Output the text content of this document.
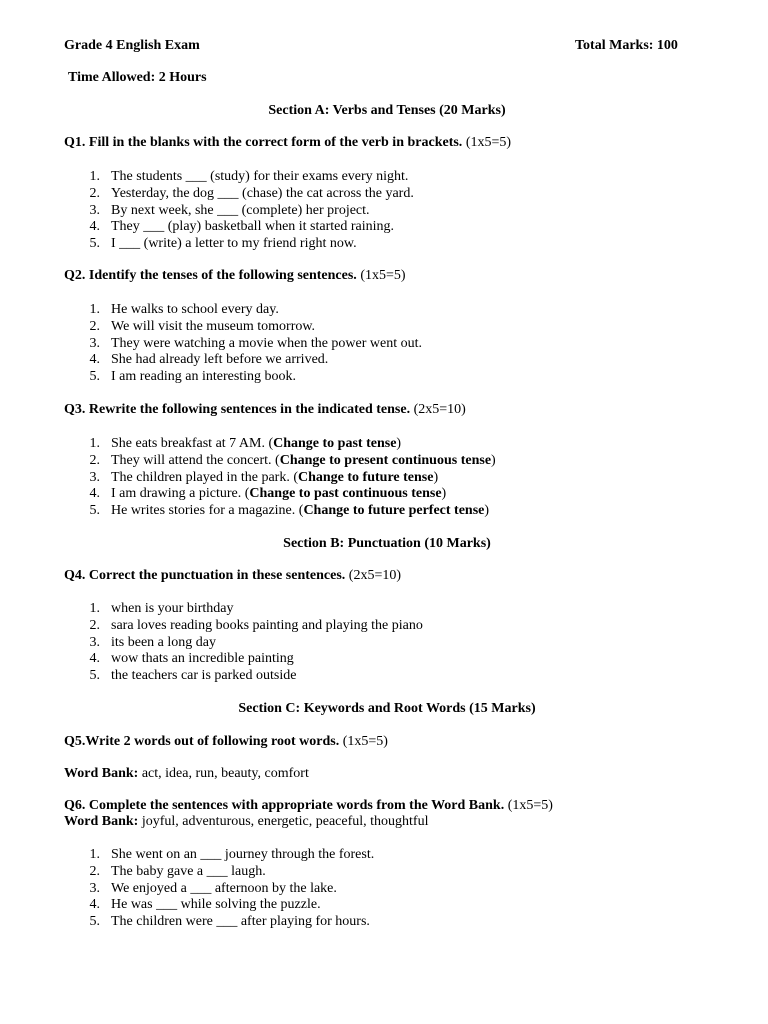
Grade 4 English Exam	Total Marks: 100
Time Allowed: 2 Hours
Section A: Verbs and Tenses (20 Marks)
Q1. Fill in the blanks with the correct form of the verb in brackets. (1x5=5)
1. The students ___ (study) for their exams every night.
2. Yesterday, the dog ___ (chase) the cat across the yard.
3. By next week, she ___ (complete) her project.
4. They ___ (play) basketball when it started raining.
5. I ___ (write) a letter to my friend right now.
Q2. Identify the tenses of the following sentences. (1x5=5)
1. He walks to school every day.
2. We will visit the museum tomorrow.
3. They were watching a movie when the power went out.
4. She had already left before we arrived.
5. I am reading an interesting book.
Q3. Rewrite the following sentences in the indicated tense. (2x5=10)
1. She eats breakfast at 7 AM. (Change to past tense)
2. They will attend the concert. (Change to present continuous tense)
3. The children played in the park. (Change to future tense)
4. I am drawing a picture. (Change to past continuous tense)
5. He writes stories for a magazine. (Change to future perfect tense)
Section B: Punctuation (10 Marks)
Q4. Correct the punctuation in these sentences. (2x5=10)
1. when is your birthday
2. sara loves reading books painting and playing the piano
3. its been a long day
4. wow thats an incredible painting
5. the teachers car is parked outside
Section C: Keywords and Root Words (15 Marks)
Q5.Write 2 words out of following root words. (1x5=5)
Word Bank: act, idea, run, beauty, comfort
Q6. Complete the sentences with appropriate words from the Word Bank. (1x5=5)
Word Bank: joyful, adventurous, energetic, peaceful, thoughtful
1. She went on an ___ journey through the forest.
2. The baby gave a ___ laugh.
3. We enjoyed a ___ afternoon by the lake.
4. He was ___ while solving the puzzle.
5. The children were ___ after playing for hours.
